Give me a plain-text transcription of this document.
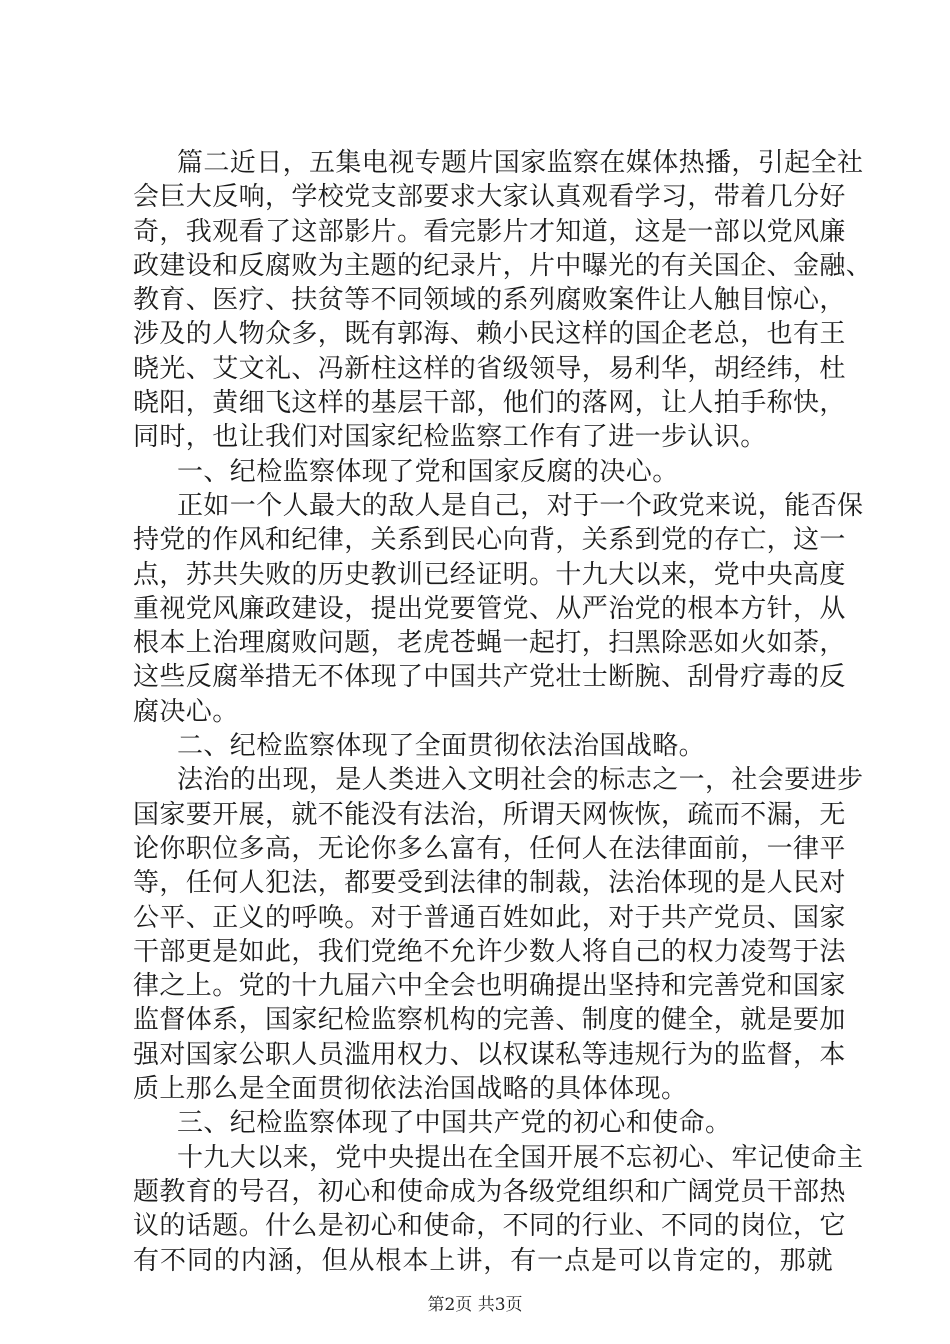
篇二近日，五集电视专题片国家监察在媒体热播，引起全社
会巨大反响，学校党支部要求大家认真观看学习，带着几分好
奇，我观看了这部影片。看完影片才知道，这是一部以党风廉
政建设和反腐败为主题的纪录片，片中曝光的有关国企、金融、
教育、医疗、扶贫等不同领域的系列腐败案件让人触目惊心，
涉及的人物众多，既有郭海、赖小民这样的国企老总，也有王
晓光、艾文礼、冯新柱这样的省级领导，易利华，胡经纬，杜
晓阳，黄细飞这样的基层干部，他们的落网，让人拍手称快，
同时，也让我们对国家纪检监察工作有了进一步认识。
一、纪检监察体现了党和国家反腐的决心。
正如一个人最大的敌人是自己，对于一个政党来说，能否保
持党的作风和纪律，关系到民心向背，关系到党的存亡，这一
点，苏共失败的历史教训已经证明。十九大以来，党中央高度
重视党风廉政建设，提出党要管党、从严治党的根本方针，从
根本上治理腐败问题，老虎苍蝇一起打，扫黑除恶如火如荼，
这些反腐举措无不体现了中国共产党壮士断腕、刮骨疗毒的反
腐决心。
二、纪检监察体现了全面贯彻依法治国战略。
法治的出现，是人类进入文明社会的标志之一，社会要进步
国家要开展，就不能没有法治，所谓天网恢恢，疏而不漏，无
论你职位多高，无论你多么富有，任何人在法律面前，一律平
等，任何人犯法，都要受到法律的制裁，法治体现的是人民对
公平、正义的呼唤。对于普通百姓如此，对于共产党员、国家
干部更是如此，我们党绝不允许少数人将自己的权力凌驾于法
律之上。党的十九届六中全会也明确提出坚持和完善党和国家
监督体系，国家纪检监察机构的完善、制度的健全，就是要加
强对国家公职人员滥用权力、以权谋私等违规行为的监督，本
质上那么是全面贯彻依法治国战略的具体体现。
三、纪检监察体现了中国共产党的初心和使命。
十九大以来，党中央提出在全国开展不忘初心、牢记使命主
题教育的号召，初心和使命成为各级党组织和广阔党员干部热
议的话题。什么是初心和使命，不同的行业、不同的岗位，它
有不同的内涵，但从根本上讲，有一点是可以肯定的，那就
第2页 共3页
